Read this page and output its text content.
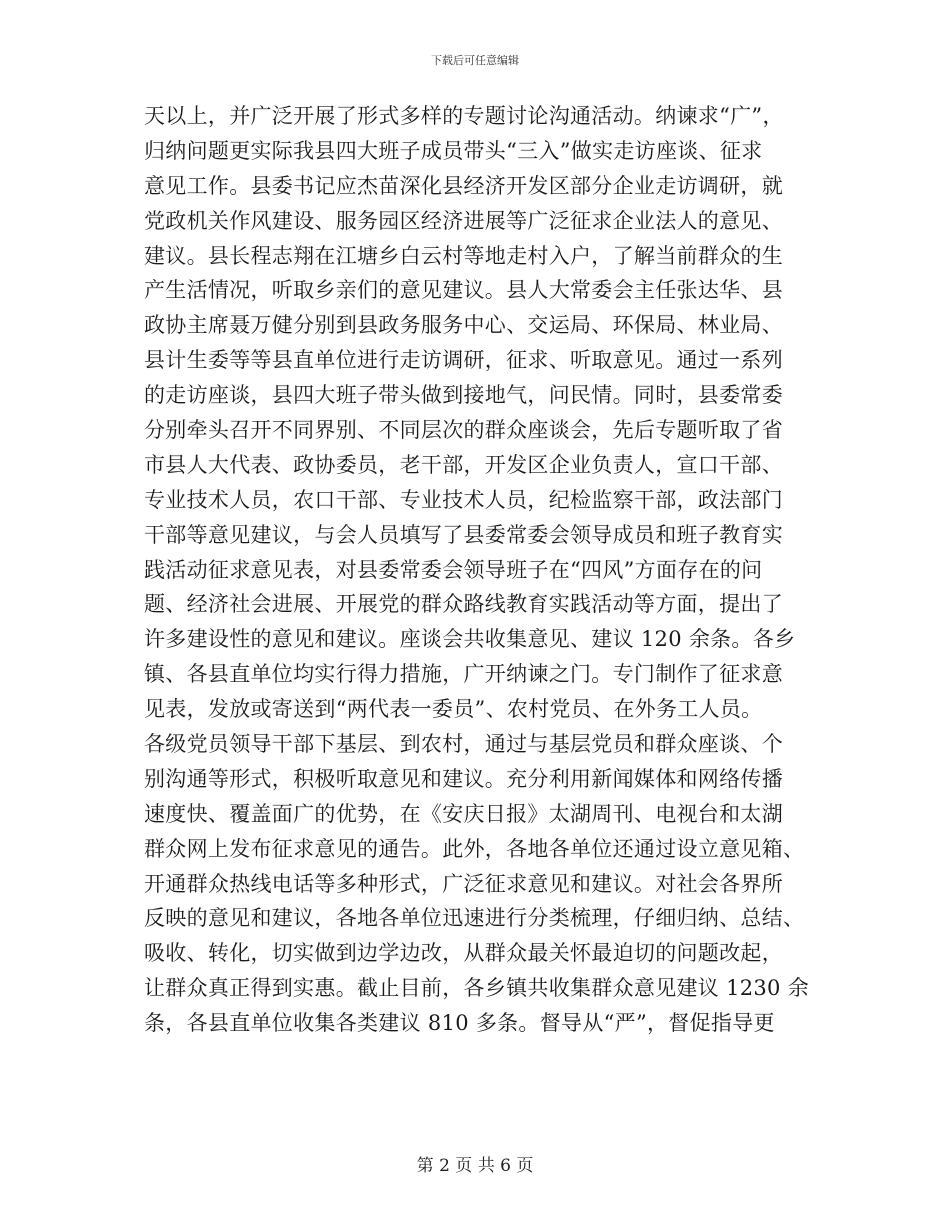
下载后可任意编辑
天以上，并广泛开展了形式多样的专题讨论沟通活动。纳谏求“广”，
归纳问题更实际我县四大班子成员带头“三入”做实走访座谈、征求
意见工作。县委书记应杰苗深化县经济开发区部分企业走访调研，就
党政机关作风建设、服务园区经济进展等广泛征求企业法人的意见、
建议。县长程志翔在江塘乡白云村等地走村入户，了解当前群众的生
产生活情况，听取乡亲们的意见建议。县人大常委会主任张达华、县
政协主席聂万健分别到县政务服务中心、交运局、环保局、林业局、
县计生委等等县直单位进行走访调研，征求、听取意见。通过一系列
的走访座谈，县四大班子带头做到接地气，问民情。同时，县委常委
分别牵头召开不同界别、不同层次的群众座谈会，先后专题听取了省
市县人大代表、政协委员，老干部，开发区企业负责人，宣口干部、
专业技术人员，农口干部、专业技术人员，纪检监察干部，政法部门
干部等意见建议，与会人员填写了县委常委会领导成员和班子教育实
践活动征求意见表，对县委常委会领导班子在“四风”方面存在的问
题、经济社会进展、开展党的群众路线教育实践活动等方面，提出了
许多建设性的意见和建议。座谈会共收集意见、建议 120 余条。各乡
镇、各县直单位均实行得力措施，广开纳谏之门。专门制作了征求意
见表，发放或寄送到“两代表一委员”、农村党员、在外务工人员。
各级党员领导干部下基层、到农村，通过与基层党员和群众座谈、个
别沟通等形式，积极听取意见和建议。充分利用新闻媒体和网络传播
速度快、覆盖面广的优势，在《安庆日报》太湖周刊、电视台和太湖
群众网上发布征求意见的通告。此外，各地各单位还通过设立意见箱、
开通群众热线电话等多种形式，广泛征求意见和建议。对社会各界所
反映的意见和建议，各地各单位迅速进行分类梳理，仔细归纳、总结、
吸收、转化，切实做到边学边改，从群众最关怀最迫切的问题改起，
让群众真正得到实惠。截止目前，各乡镇共收集群众意见建议 1230 余
条，各县直单位收集各类建议 810 多条。督导从“严”，督促指导更
第 2 页 共 6 页
